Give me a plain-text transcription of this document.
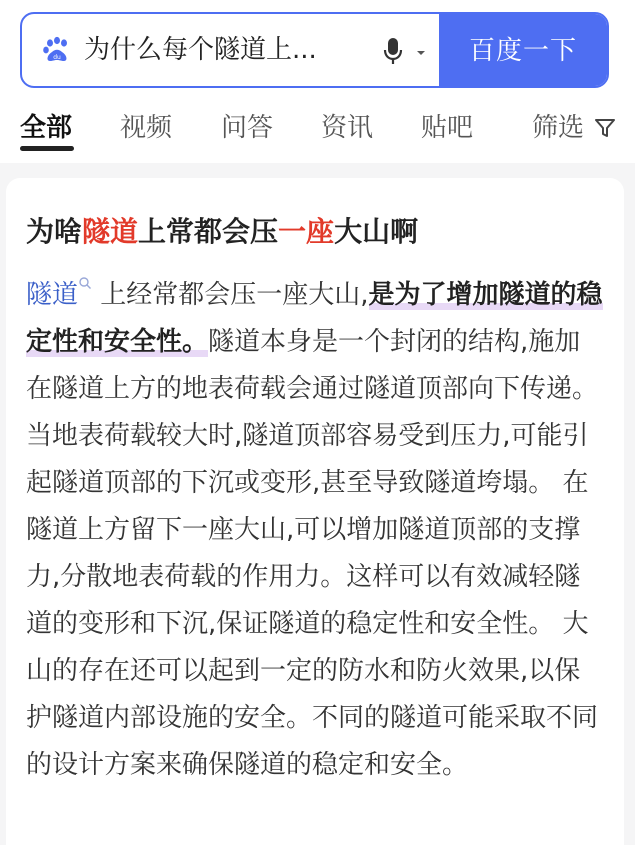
du 为什么每个隧道上...	百度一下
全部 视频 问答 资讯 贴吧 筛选
为啥隧道上常都会压一座大山啊
隧道 上经常都会压一座大山,是为了增加隧道的稳定性和安全性。隧道本身是一个封闭的结构,施加在隧道上方的地表荷载会通过隧道顶部向下传递。当地表荷载较大时,隧道顶部容易受到压力,可能引起隧道顶部的下沉或变形,甚至导致隧道垮塌。 在隧道上方留下一座大山,可以增加隧道顶部的支撑力,分散地表荷载的作用力。这样可以有效减轻隧道的变形和下沉,保证隧道的稳定性和安全性。 大山的存在还可以起到一定的防水和防火效果,以保护隧道内部设施的安全。不同的隧道可能采取不同的设计方案来确保隧道的稳定和安全。
